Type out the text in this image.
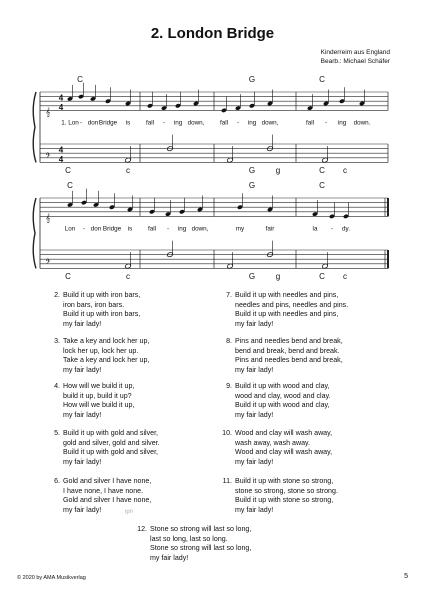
2. London Bridge
Kinderreim aus England
Bearb.: Michael Schäfer
𝄞
𝄢
4
4
4
4
C	G	C
1. Lon - don Bridge is fall - ing down, fall - ing down,	fall - ing down.
C	c	G	g	C c
𝄞
𝄢
C	G	C
Lon - don Bridge is fall - ing down,	my	fair	la - dy.
C	c	G	g	C c
2. Build it up with iron bars,
iron bars, iron bars.
Build it up with iron bars,
my fair lady!
3. Take a key and lock her up,
lock her up, lock her up.
Take a key and lock her up,
my fair lady!
4. How will we build it up,
build it up, build it up?
How will we build it up,
my fair lady!
5. Build it up with gold and silver,
gold and silver, gold and silver.
Build it up with gold and silver,
my fair lady!
6. Gold and silver I have none,
I have none, I have none.
Gold and silver I have none,
my fair lady!
7. Build it up with needles and pins,
needles and pins, needles and pins.
Build it up with needles and pins,
my fair lady!
8. Pins and needles bend and break,
bend and break, bend and break.
Pins and needles bend and break,
my fair lady!
9. Build it up with wood and clay,
wood and clay, wood and clay.
Build it up with wood and clay,
my fair lady!
10. Wood and clay will wash away,
wash away, wash away.
Wood and clay will wash away,
my fair lady!
11. Build it up with stone so strong,
stone so strong, stone so strong.
Build it up with stone so strong,
my fair lady!
12. Stone so strong will last so long,
last so long, last so long.
Stone so strong will last so long,
my fair lady!
ipn
© 2020 by AMA Musikverlag	5
